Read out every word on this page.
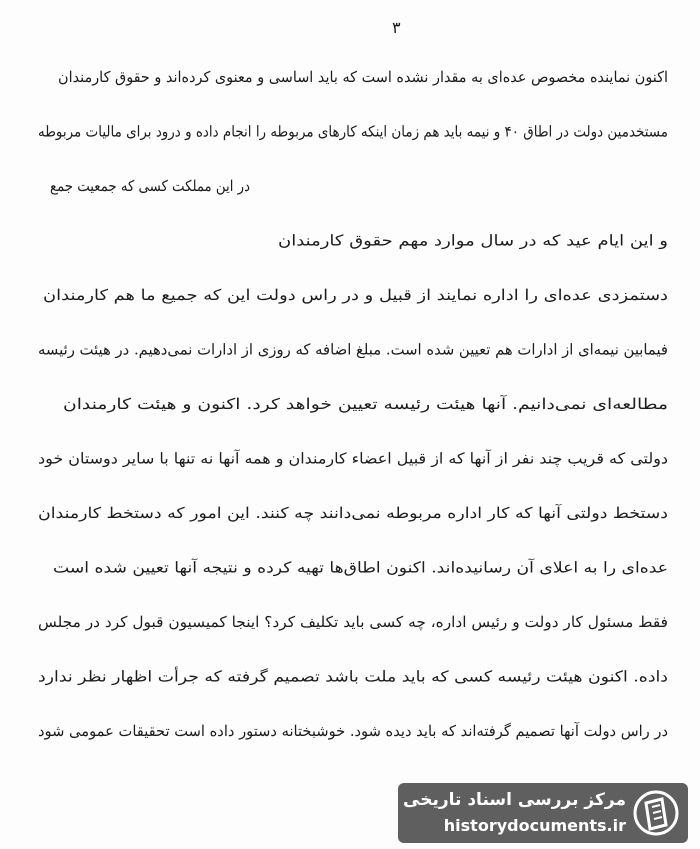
۳
اکنون نماینده مخصوص عده‌ای به مقدار نشده است که باید اساسی و معنوی کرده‌اند و حقوق کارمندان
مستخدمین دولت در اطاق ۴۰ و نیمه باید هم زمان اینکه کارهای مربوطه را انجام داده و درود برای مالیات مربوطه
در این مملکت کسی که جمعیت جمع
و این ایام عید که در سال موارد مهم حقوق کارمندان
دستمزدی عده‌ای را اداره نمایند از قبیل و در راس دولت این که جمیع ما هم کارمندان
فیمابین نیمه‌ای از ادارات هم تعیین شده است. مبلغ اضافه که روزی از ادارات نمی‌دهیم. در هیئت رئیسه
مطالعه‌ای نمی‌دانیم. آنها هیئت رئیسه تعیین خواهد کرد. اکنون و هیئت کارمندان
دولتی که قریب چند نفر از آنها که از قبیل اعضاء کارمندان و همه آنها نه تنها با سایر دوستان خود
دستخط دولتی آنها که کار اداره مربوطه نمی‌دانند چه کنند. این امور که دستخط کارمندان
عده‌ای را به اعلای آن رسانیده‌اند. اکنون اطاق‌ها تهیه کرده و نتیجه آنها تعیین شده است
فقط مسئول کار دولت و رئیس اداره، چه کسی باید تکلیف کرد؟ اینجا کمیسیون قبول کرد در مجلس
داده. اکنون هیئت رئیسه کسی که باید ملت باشد تصمیم گرفته که جرأت اظهار نظر ندارد
در راس دولت آنها تصمیم گرفته‌اند که باید دیده شود. خوشبختانه دستور داده است تحقیقات عمومی شود
مرکز بررسی اسناد تاریخی
historydocuments.ir
